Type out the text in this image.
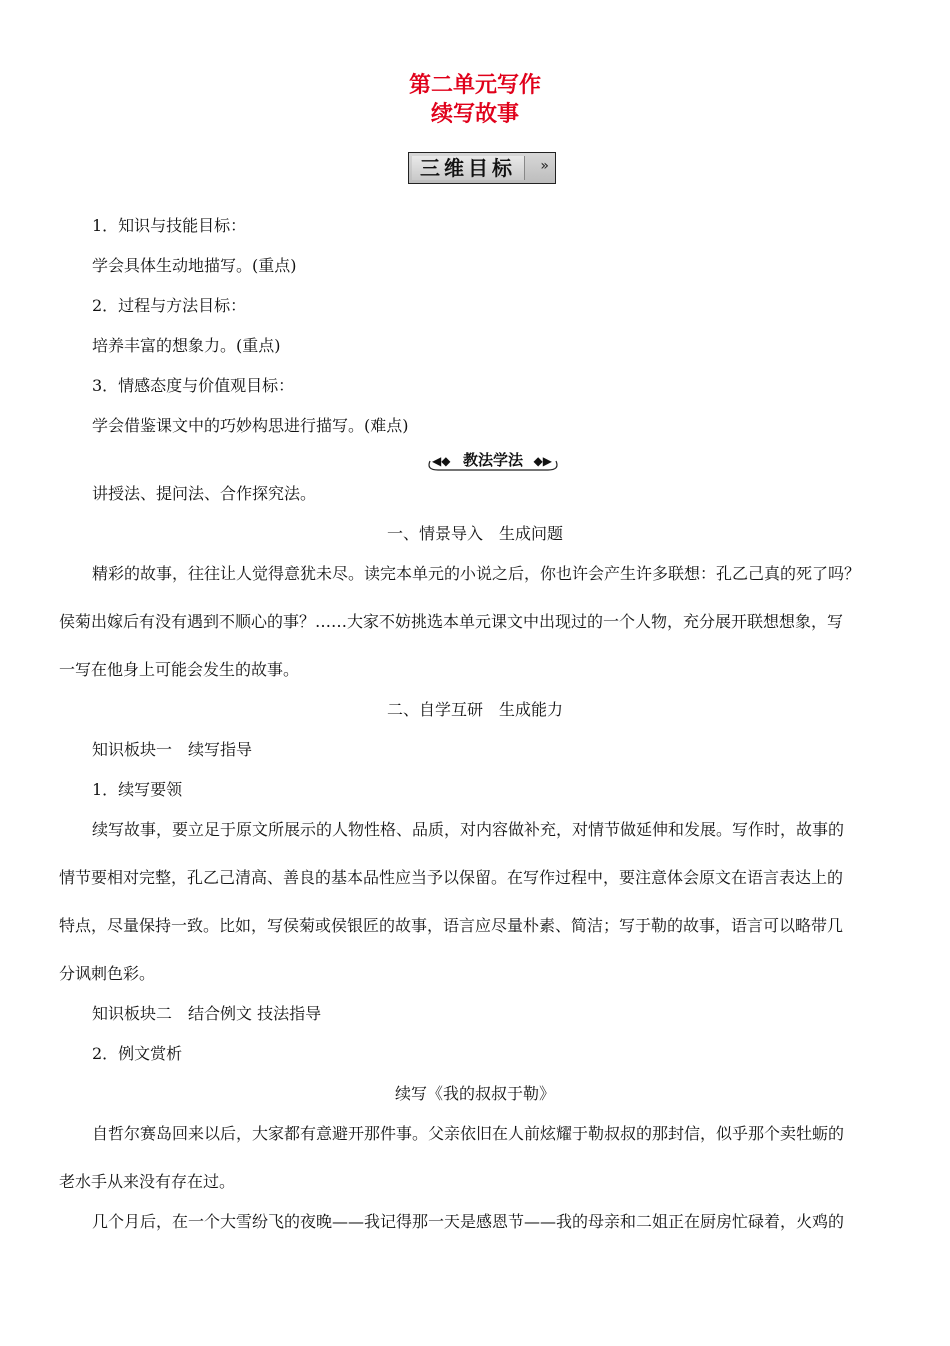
第二单元写作
续写故事
三维目标	»
1．知识与技能目标：
学会具体生动地描写。(重点)
2．过程与方法目标：
培养丰富的想象力。(重点)
3．情感态度与价值观目标：
学会借鉴课文中的巧妙构思进行描写。(难点)
◀◆ 教法学法 ◆▶
讲授法、提问法、合作探究法。
一、情景导入　生成问题
精彩的故事，往往让人觉得意犹未尽。读完本单元的小说之后，你也许会产生许多联想：孔乙己真的死了吗？
侯菊出嫁后有没有遇到不顺心的事？……大家不妨挑选本单元课文中出现过的一个人物，充分展开联想想象，写
一写在他身上可能会发生的故事。
二、自学互研　生成能力
知识板块一　续写指导
1．续写要领
续写故事，要立足于原文所展示的人物性格、品质，对内容做补充，对情节做延伸和发展。写作时，故事的
情节要相对完整，孔乙己清高、善良的基本品性应当予以保留。在写作过程中，要注意体会原文在语言表达上的
特点，尽量保持一致。比如，写侯菊或侯银匠的故事，语言应尽量朴素、简洁；写于勒的故事，语言可以略带几
分讽刺色彩。
知识板块二　结合例文 技法指导
2．例文赏析
续写《我的叔叔于勒》
自哲尔赛岛回来以后，大家都有意避开那件事。父亲依旧在人前炫耀于勒叔叔的那封信，似乎那个卖牡蛎的
老水手从来没有存在过。
几个月后，在一个大雪纷飞的夜晚——我记得那一天是感恩节——我的母亲和二姐正在厨房忙碌着，火鸡的
